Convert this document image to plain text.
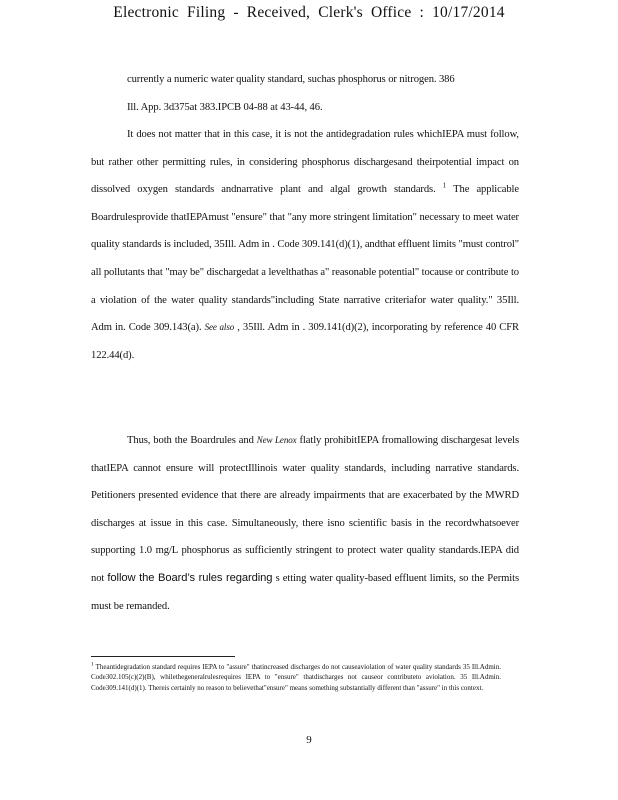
Electronic Filing - Received, Clerk's Office : 10/17/2014

currently a numeric water quality standard, suchas phosphorus or nitrogen. 386
Ill. App. 3d375at 383.IPCB 04-88 at 43-44, 46.

It does not matter that in this case, it is not the antidegradation rules whichIEPA must follow, but rather other permitting rules, in considering phosphorus dischargesand theirpotential impact on dissolved oxygen standards andnarrative plant and algal growth standards. $^1$ The applicable Boardrulesprovide thatIEPAmust "ensure" that "any more stringent limitation" necessary to meet water quality standards is included, 35Ill. Adm in . Code 309.141(d)(1), andthat effluent limits "must control" all pollutants that "may be" dischargedat a levelthathas a" reasonable potential" tocause or contribute to a violation of the water quality standards"including State narrative criteriafor water quality." 35Ill. Adm in. Code 309.143(a). See also , 35Ill. Adm in . 309.141(d)(2), incorporating by reference 40 CFR 122.44(d).

Thus, both the Boardrules and New Lenox flatly prohibitIEPA fromallowing dischargesat levels thatIEPA cannot ensure will protectIllinois water quality standards, including narrative standards. Petitioners presented evidence that there are already impairments that are exacerbated by the MWRD discharges at issue in this case. Simultaneously, there isno scientific basis in the recordwhatsoever supporting 1.0 mg/L phosphorus as sufficiently stringent to protect water quality standards.IEPA did not follow the Board’s rules regarding s etting water quality-based effluent limits, so the Permits must be remanded.

$^1$ Theantidegradation standard requires IEPA to "assure" thatincreased discharges do not causeaviolation of water quality standards 35 Ill.Admin. Code302.105(c)(2)(B), whilethegeneralrulesrequires IEPA to "ensure" thatdischarges not causeor contributeto aviolation. 35 Ill.Admin. Code309.141(d)(1). Thereis certainly no reason to believethat"ensure" means something substantially different than "assure" in this context.
9
